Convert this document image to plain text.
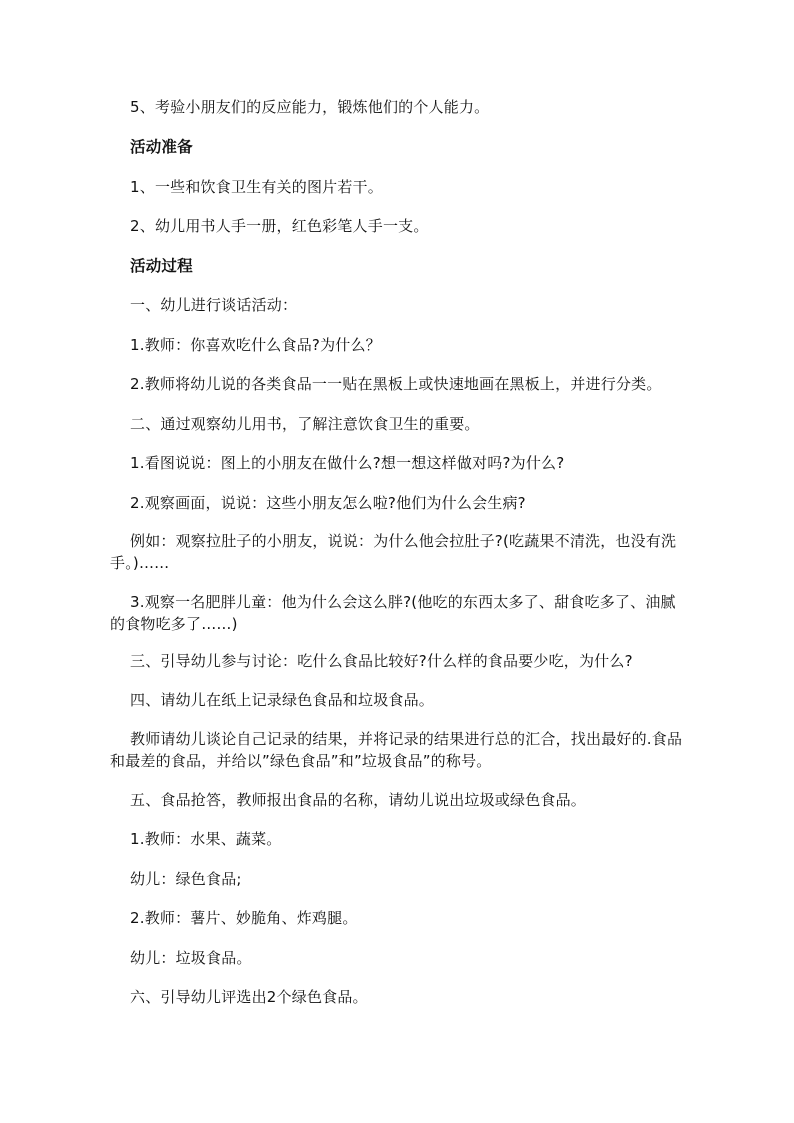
5、考验小朋友们的反应能力，锻炼他们的个人能力。
活动准备
1、一些和饮食卫生有关的图片若干。
2、幼儿用书人手一册，红色彩笔人手一支。
活动过程
一、幼儿进行谈话活动：
1.教师：你喜欢吃什么食品?为什么？
2.教师将幼儿说的各类食品一一贴在黑板上或快速地画在黑板上，并进行分类。
二、通过观察幼儿用书，了解注意饮食卫生的重要。
1.看图说说：图上的小朋友在做什么?想一想这样做对吗?为什么?
2.观察画面，说说：这些小朋友怎么啦?他们为什么会生病?
例如：观察拉肚子的小朋友，说说：为什么他会拉肚子?(吃蔬果不清洗，也没有洗手。)……
3.观察一名肥胖儿童：他为什么会这么胖?(他吃的东西太多了、甜食吃多了、油腻的食物吃多了……)
三、引导幼儿参与讨论：吃什么食品比较好?什么样的食品要少吃，为什么?
四、请幼儿在纸上记录绿色食品和垃圾食品。
教师请幼儿谈论自己记录的结果，并将记录的结果进行总的汇合，找出最好的.食品和最差的食品，并给以”绿色食品”和”垃圾食品”的称号。
五、食品抢答，教师报出食品的名称，请幼儿说出垃圾或绿色食品。
1.教师：水果、蔬菜。
幼儿：绿色食品;
2.教师：薯片、妙脆角、炸鸡腿。
幼儿：垃圾食品。
六、引导幼儿评选出2个绿色食品。
